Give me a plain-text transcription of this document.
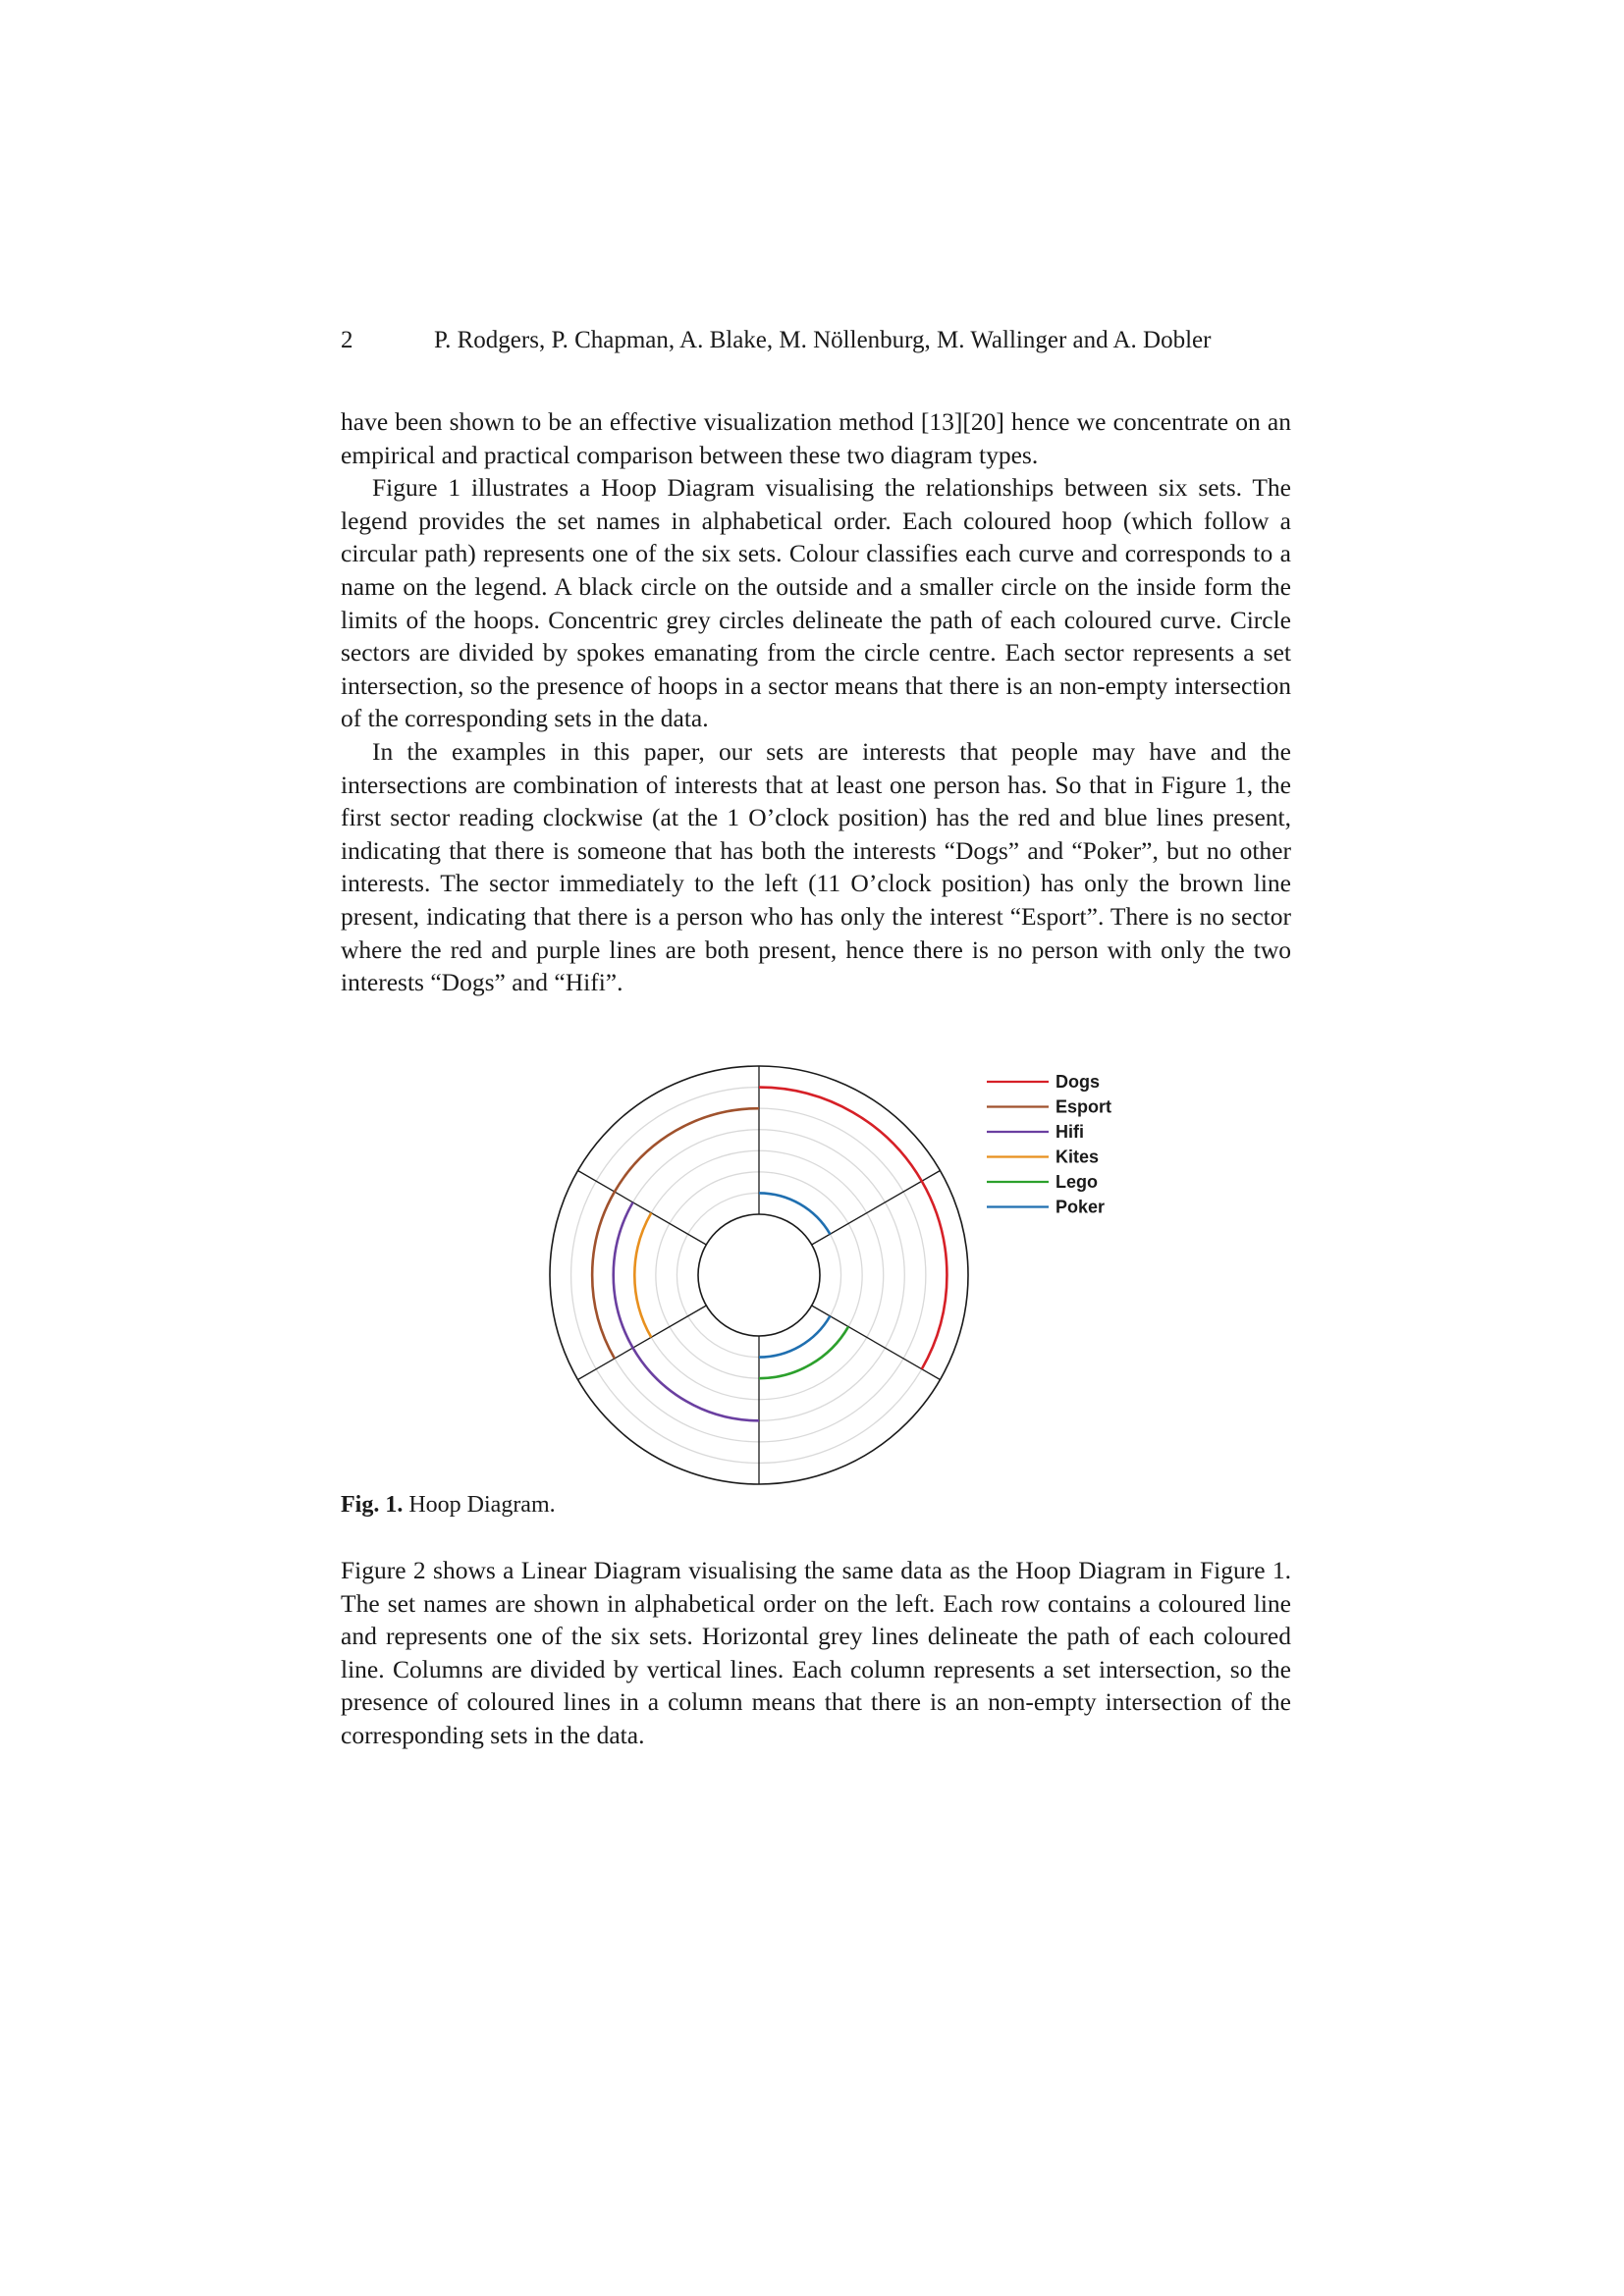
2	P. Rodgers, P. Chapman, A. Blake, M. Nöllenburg, M. Wallinger and A. Dobler

have been shown to be an effective visualization method [13][20] hence we concentrate on an empirical and practical comparison between these two diagram types.

Figure 1 illustrates a Hoop Diagram visualising the relationships between six sets. The legend provides the set names in alphabetical order. Each coloured hoop (which follow a circular path) represents one of the six sets. Colour classifies each curve and corresponds to a name on the legend. A black circle on the outside and a smaller circle on the inside form the limits of the hoops. Concentric grey circles delineate the path of each coloured curve. Circle sectors are divided by spokes emanating from the circle centre. Each sector represents a set intersection, so the presence of hoops in a sector means that there is an non-empty intersection of the corresponding sets in the data.

In the examples in this paper, our sets are interests that people may have and the intersections are combination of interests that at least one person has. So that in Figure 1, the first sector reading clockwise (at the 1 O’clock position) has the red and blue lines present, indicating that there is someone that has both the interests “Dogs” and “Poker”, but no other interests. The sector immediately to the left (11 O’clock position) has only the brown line present, indicating that there is a person who has only the interest “Esport”. There is no sector where the red and purple lines are both present, hence there is no person with only the two interests “Dogs” and “Hifi”.

Dogs
Esport
Hifi
Kites
Lego
Poker
Fig. 1. Hoop Diagram.

Figure 2 shows a Linear Diagram visualising the same data as the Hoop Diagram in Figure 1. The set names are shown in alphabetical order on the left. Each row contains a coloured line and represents one of the six sets. Horizontal grey lines delineate the path of each coloured line. Columns are divided by vertical lines. Each column represents a set intersection, so the presence of coloured lines in a column means that there is an non-empty intersection of the corresponding sets in the data.
